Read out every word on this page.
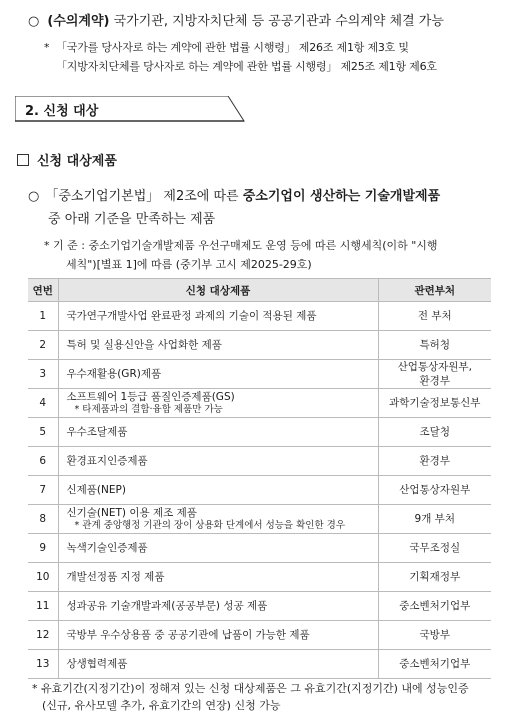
○ (수의계약) 국가기관, 지방자치단체 등 공공기관과 수의계약 체결 가능
* 「국가를 당사자로 하는 계약에 관한 법률 시행령」 제26조 제1항 제3호 및
「지방자치단체를 당사자로 하는 계약에 관한 법률 시행령」 제25조 제1항 제6호
2. 신청 대상
신청 대상제품
○ 「중소기업기본법」 제2조에 따른 중소기업이 생산하는 기술개발제품
중 아래 기준을 만족하는 제품
* 기 준 : 중소기업기술개발제품 우선구매제도 운영 등에 따른 시행세칙(이하 "시행
세칙")[별표 1]에 따름 (중기부 고시 제2025-29호)
연번	신청 대상제품	관련부처
1	국가연구개발사업 완료판정 과제의 기술이 적용된 제품	전 부처
2	특허 및 실용신안을 사업화한 제품	특허청
3	우수재활용(GR)제품	산업통상자원부,
환경부
4	소프트웨어 1등급 품질인증제품(GS)
* 타제품과의 결합·융합 제품만 가능	과학기술정보통신부
5	우수조달제품	조달청
6	환경표지인증제품	환경부
7	신제품(NEP)	산업통상자원부
8	신기술(NET) 이용 제조 제품
* 관계 중앙행정 기관의 장이 상용화 단계에서 성능을 확인한 경우	9개 부처
9	녹색기술인증제품	국무조정실
10	개발선정품 지정 제품	기획재정부
11	성과공유 기술개발과제(공공부문) 성공 제품	중소벤처기업부
12	국방부 우수상용품 중 공공기관에 납품이 가능한 제품	국방부
13	상생협력제품	중소벤처기업부
* 유효기간(지정기간)이 정해져 있는 신청 대상제품은 그 유효기간(지정기간) 내에 성능인증
(신규, 유사모델 추가, 유효기간의 연장) 신청 가능
